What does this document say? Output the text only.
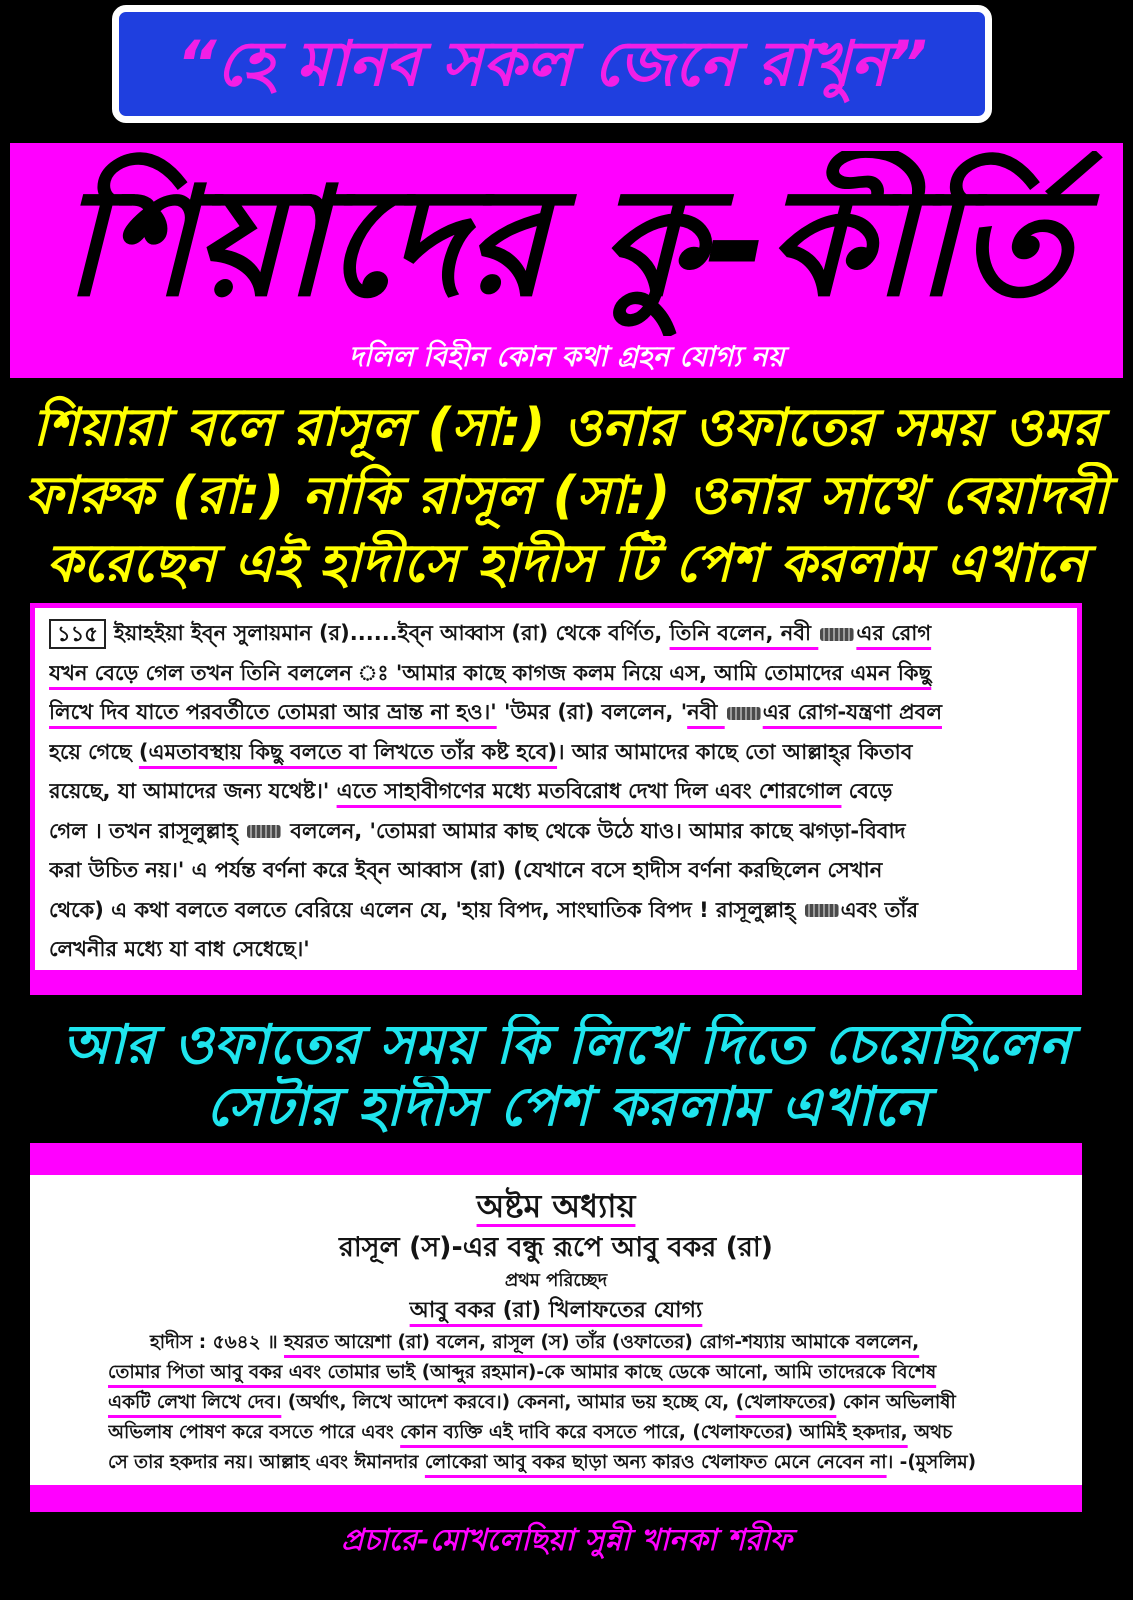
“হে মানব সকল জেনে রাখুন”
শিয়াদের কু-কীর্তি
দলিল বিহীন কোন কথা গ্রহন যোগ্য নয়
শিয়ারা বলে রাসূল (সা:) ওনার ওফাতের সময় ওমর
ফারুক (রা:) নাকি রাসূল (সা:) ওনার সাথে বেয়াদবী
করেছেন এই হাদীসে হাদীস টি পেশ করলাম এখানে
১১৫ ইয়াহইয়া ইব্‌ন সুলায়মান (র)......ইব্‌ন আব্বাস (রা) থেকে বর্ণিত, তিনি বলেন, নবী এর রোগ
যখন বেড়ে গেল তখন তিনি বললেন ঃ 'আমার কাছে কাগজ কলম নিয়ে এস, আমি তোমাদের এমন কিছু
লিখে দিব যাতে পরবর্তীতে তোমরা আর ভ্রান্ত না হও।' 'উমর (রা) বললেন, 'নবী এর রোগ-যন্ত্রণা প্রবল
হয়ে গেছে (এমতাবস্থায় কিছু বলতে বা লিখতে তাঁর কষ্ট হবে)। আর আমাদের কাছে তো আল্লাহ্‌র কিতাব
রয়েছে, যা আমাদের জন্য যথেষ্ট।' এতে সাহাবীগণের মধ্যে মতবিরোধ দেখা দিল এবং শোরগোল বেড়ে
গেল । তখন রাসূলুল্লাহ্  বললেন, 'তোমরা আমার কাছ থেকে উঠে যাও। আমার কাছে ঝগড়া-বিবাদ
করা উচিত নয়।' এ পর্যন্ত বর্ণনা করে ইব্‌ন আব্বাস (রা) (যেখানে বসে হাদীস বর্ণনা করছিলেন সেখান
থেকে) এ কথা বলতে বলতে বেরিয়ে এলেন যে, 'হায় বিপদ, সাংঘাতিক বিপদ ! রাসূলুল্লাহ্ এবং তাঁর
লেখনীর মধ্যে যা বাধ সেধেছে।'
আর ওফাতের সময় কি লিখে দিতে চেয়েছিলেন
সেটার হাদীস পেশ করলাম এখানে
অষ্টম অধ্যায়
রাসূল (স)-এর বন্ধু রূপে আবু বকর (রা)
প্রথম পরিচ্ছেদ
আবু বকর (রা) খিলাফতের যোগ্য
হাদীস : ৫৬৪২ ॥ হযরত আয়েশা (রা) বলেন, রাসূল (স) তাঁর (ওফাতের) রোগ-শয্যায় আমাকে বললেন,
তোমার পিতা আবু বকর এবং তোমার ভাই (আব্দুর রহমান)-কে আমার কাছে ডেকে আনো, আমি তাদেরকে বিশেষ
একটি লেখা লিখে দেব। (অর্থাৎ, লিখে আদেশ করবে।) কেননা, আমার ভয় হচ্ছে যে, (খেলাফতের) কোন অভিলাষী
অভিলাষ পোষণ করে বসতে পারে এবং কোন ব্যক্তি এই দাবি করে বসতে পারে, (খেলাফতের) আমিই হকদার, অথচ
সে তার হকদার নয়। আল্লাহ এবং ঈমানদার লোকেরা আবু বকর ছাড়া অন্য কারও খেলাফত মেনে নেবেন না। -(মুসলিম)
প্রচারে-মোখলেছিয়া সুন্নী খানকা শরীফ
